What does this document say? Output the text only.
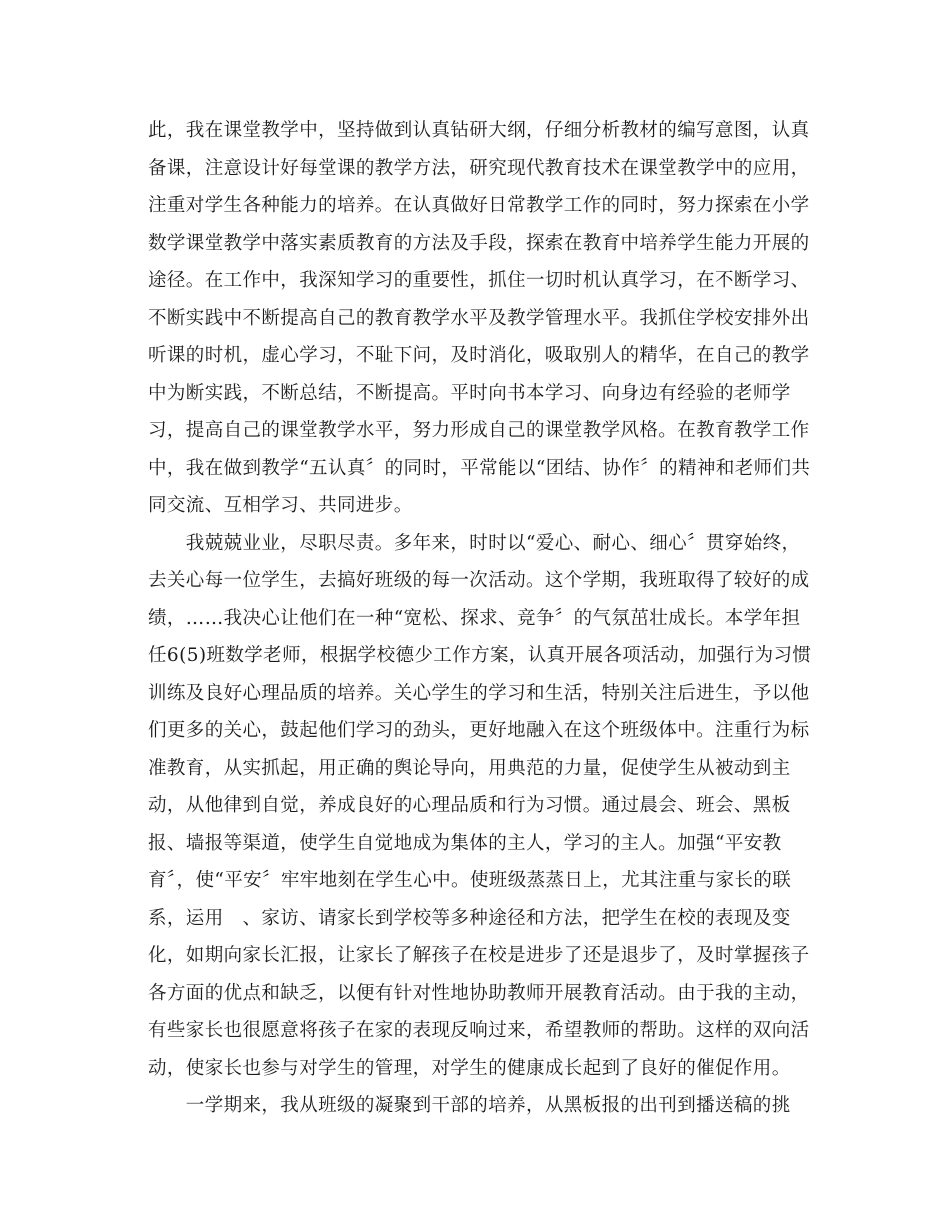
此，我在课堂教学中，坚持做到认真钻研大纲，仔细分析教材的编写意图，认真
备课，注意设计好每堂课的教学方法，研究现代教育技术在课堂教学中的应用，
注重对学生各种能力的培养。在认真做好日常教学工作的同时，努力探索在小学
数学课堂教学中落实素质教育的方法及手段，探索在教育中培养学生能力开展的
途径。在工作中，我深知学习的重要性，抓住一切时机认真学习，在不断学习、
不断实践中不断提高自己的教育教学水平及教学管理水平。我抓住学校安排外出
听课的时机，虚心学习，不耻下问，及时消化，吸取别人的精华，在自己的教学
中为断实践，不断总结，不断提高。平时向书本学习、向身边有经验的老师学
习，提高自己的课堂教学水平，努力形成自己的课堂教学风格。在教育教学工作
中，我在做到教学“五认真〞的同时，平常能以“团结、协作〞的精神和老师们共
同交流、互相学习、共同进步。
　　我兢兢业业，尽职尽责。多年来，时时以“爱心、耐心、细心〞贯穿始终，
去关心每一位学生，去搞好班级的每一次活动。这个学期，我班取得了较好的成
绩，……我决心让他们在一种“宽松、探求、竞争〞的气氛茁壮成长。本学年担
任6(5)班数学老师，根据学校德少工作方案，认真开展各项活动，加强行为习惯
训练及良好心理品质的培养。关心学生的学习和生活，特别关注后进生，予以他
们更多的关心，鼓起他们学习的劲头，更好地融入在这个班级体中。注重行为标
准教育，从实抓起，用正确的舆论导向，用典范的力量，促使学生从被动到主
动，从他律到自觉，养成良好的心理品质和行为习惯。通过晨会、班会、黑板
报、墙报等渠道，使学生自觉地成为集体的主人，学习的主人。加强“平安教
育〞，使“平安〞牢牢地刻在学生心中。使班级蒸蒸日上，尤其注重与家长的联
系，运用　、家访、请家长到学校等多种途径和方法，把学生在校的表现及变
化，如期向家长汇报，让家长了解孩子在校是进步了还是退步了，及时掌握孩子
各方面的优点和缺乏，以便有针对性地协助教师开展教育活动。由于我的主动，
有些家长也很愿意将孩子在家的表现反响过来，希望教师的帮助。这样的双向活
动，使家长也参与对学生的管理，对学生的健康成长起到了良好的催促作用。
　　一学期来，我从班级的凝聚到干部的培养，从黑板报的出刊到播送稿的挑
